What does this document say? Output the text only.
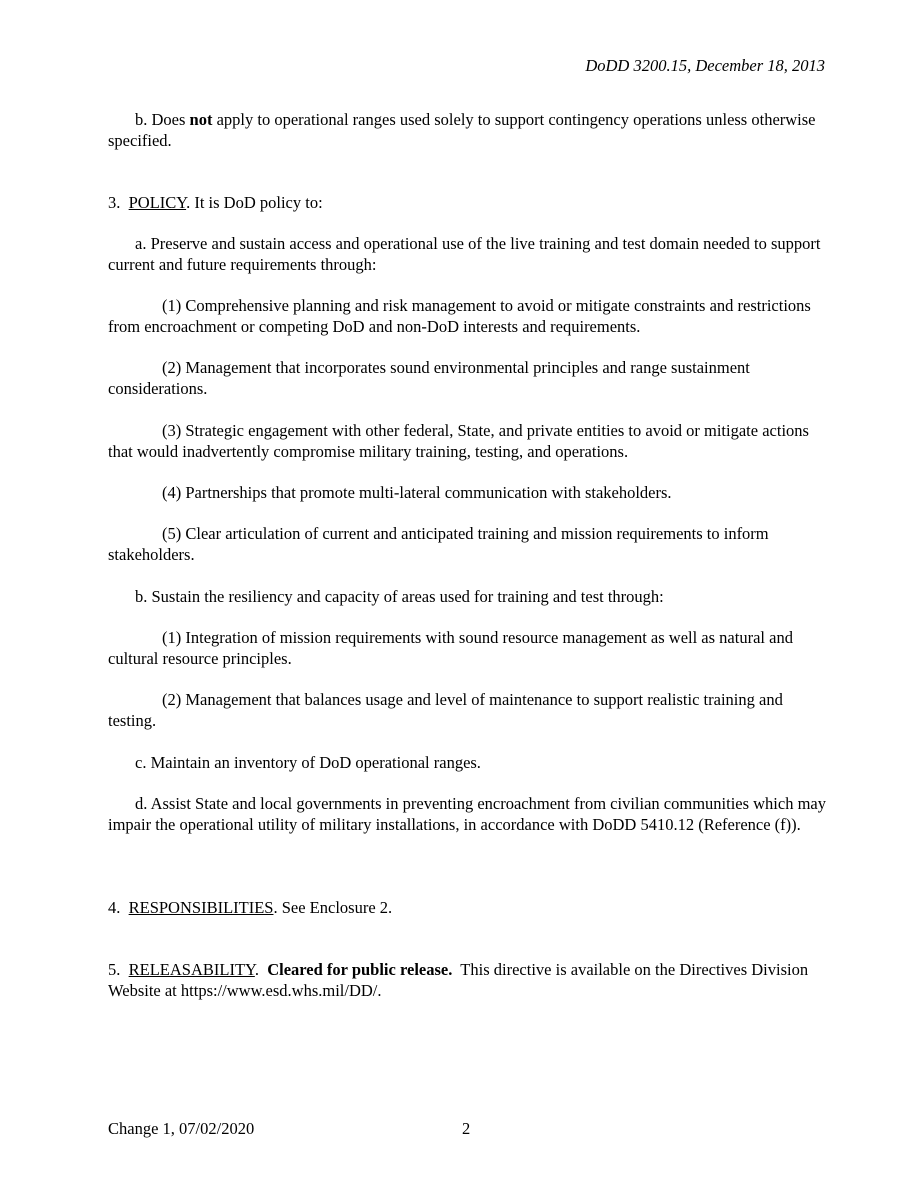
DoDD 3200.15, December 18, 2013

b. Does not apply to operational ranges used solely to support contingency operations unless otherwise specified.

3. POLICY. It is DoD policy to:

a. Preserve and sustain access and operational use of the live training and test domain needed to support current and future requirements through:

(1) Comprehensive planning and risk management to avoid or mitigate constraints and restrictions from encroachment or competing DoD and non-DoD interests and requirements.

(2) Management that incorporates sound environmental principles and range sustainment considerations.

(3) Strategic engagement with other federal, State, and private entities to avoid or mitigate actions that would inadvertently compromise military training, testing, and operations.

(4) Partnerships that promote multi-lateral communication with stakeholders.

(5) Clear articulation of current and anticipated training and mission requirements to inform stakeholders.

b. Sustain the resiliency and capacity of areas used for training and test through:

(1) Integration of mission requirements with sound resource management as well as natural and cultural resource principles.

(2) Management that balances usage and level of maintenance to support realistic training and testing.

c. Maintain an inventory of DoD operational ranges.

d. Assist State and local governments in preventing encroachment from civilian communities which may impair the operational utility of military installations, in accordance with DoDD 5410.12 (Reference (f)).

4. RESPONSIBILITIES. See Enclosure 2.

5. RELEASABILITY.  Cleared for public release.  This directive is available on the Directives Division Website at https://www.esd.whs.mil/DD/.

Change 1, 07/02/2020	2
